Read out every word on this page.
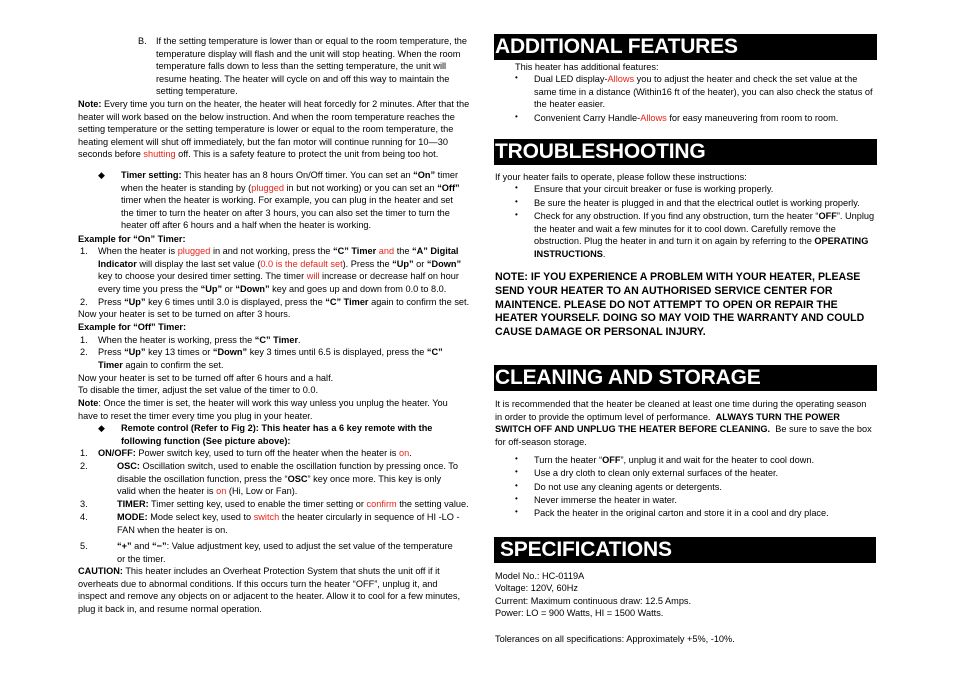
B. If the setting temperature is lower than or equal to the room temperature, the temperature display will flash and the unit will stop heating. When the room temperature falls down to less than the setting temperature, the unit will resume heating. The heater will cycle on and off this way to maintain the setting temperature.
Note: Every time you turn on the heater, the heater will heat forcedly for 2 minutes. After that the heater will work based on the below instruction. And when the room temperature reaches the setting temperature or the setting temperature is lower or equal to the room temperature, the heating element will shut off immediately, but the fan motor will continue running for 10—30 seconds before shutting off. This is a safety feature to protect the unit from being too hot.
◆ Timer setting: This heater has an 8 hours On/Off timer. You can set an “On” timer when the heater is standing by (plugged in but not working) or you can set an “Off” timer when the heater is working. For example, you can plug in the heater and set the timer to turn the heater on after 3 hours, you can also set the timer to turn the heater off after 6 hours and a half when the heater is working.
Example for “On” Timer:
1. When the heater is plugged in and not working, press the “C” Timer and the “A” Digital Indicator will display the last set value (0.0 is the default set). Press the “Up” or “Down” key to choose your desired timer setting. The timer will increase or decrease half on hour every time you press the “Up” or “Down” key and goes up and down from 0.0 to 8.0.
2. Press “Up” key 6 times until 3.0 is displayed, press the “C” Timer again to confirm the set.
Now your heater is set to be turned on after 3 hours.
Example for “Off” Timer:
1. When the heater is working, press the “C” Timer.
2. Press “Up” key 13 times or “Down” key 3 times until 6.5 is displayed, press the “C” Timer again to confirm the set.
Now your heater is set to be turned off after 6 hours and a half.
To disable the timer, adjust the set value of the timer to 0.0.
Note: Once the timer is set, the heater will work this way unless you unplug the heater. You have to reset the timer every time you plug in your heater.
◆ Remote control (Refer to Fig 2): This heater has a 6 key remote with the following function (See picture above):
1. ON/OFF: Power switch key, used to turn off the heater when the heater is on.
2.	OSC: Oscillation switch, used to enable the oscillation function by pressing once. To disable the oscillation function, press the “OSC” key once more. This key is only valid when the heater is on (Hi, Low or Fan).
3.	TIMER: Timer setting key, used to enable the timer setting or confirm the setting value.
4.	MODE: Mode select key, used to switch the heater circularly in sequence of HI -LO -FAN when the heater is on.
5.	“+” and “−”: Value adjustment key, used to adjust the set value of the temperature or the timer.
CAUTION: This heater includes an Overheat Protection System that shuts the unit off if it overheats due to abnormal conditions. If this occurs turn the heater “OFF”, unplug it, and inspect and remove any objects on or adjacent to the heater. Allow it to cool for a few minutes, plug it back in, and resume normal operation.
ADDITIONAL FEATURES
This heater has additional features:
• Dual LED display-Allows you to adjust the heater and check the set value at the same time in a distance (Within16 ft of the heater), you can also check the status of the heater easier.
• Convenient Carry Handle-Allows for easy maneuvering from room to room.
TROUBLESHOOTING
If your heater fails to operate, please follow these instructions:
• Ensure that your circuit breaker or fuse is working properly.
• Be sure the heater is plugged in and that the electrical outlet is working properly.
• Check for any obstruction. If you find any obstruction, turn the heater “OFF”. Unplug the heater and wait a few minutes for it to cool down. Carefully remove the obstruction. Plug the heater in and turn it on again by referring to the OPERATING INSTRUCTIONS.
NOTE: IF YOU EXPERIENCE A PROBLEM WITH YOUR HEATER, PLEASE SEND YOUR HEATER TO AN AUTHORISED SERVICE CENTER FOR MAINTENCE. PLEASE DO NOT ATTEMPT TO OPEN OR REPAIR THE HEATER YOURSELF. DOING SO MAY VOID THE WARRANTY AND COULD CAUSE DAMAGE OR PERSONAL INJURY.
CLEANING AND STORAGE
It is recommended that the heater be cleaned at least one time during the operating season in order to provide the optimum level of performance. ALWAYS TURN THE POWER SWITCH OFF AND UNPLUG THE HEATER BEFORE CLEANING. Be sure to save the box for off-season storage.
• Turn the heater “OFF”, unplug it and wait for the heater to cool down.
• Use a dry cloth to clean only external surfaces of the heater.
• Do not use any cleaning agents or detergents.
• Never immerse the heater in water.
• Pack the heater in the original carton and store it in a cool and dry place.
SPECIFICATIONS
Model No.: HC-0119A
Voltage: 120V, 60Hz
Current: Maximum continuous draw: 12.5 Amps.
Power: LO = 900 Watts, HI = 1500 Watts.
Tolerances on all specifications: Approximately +5%, -10%.
